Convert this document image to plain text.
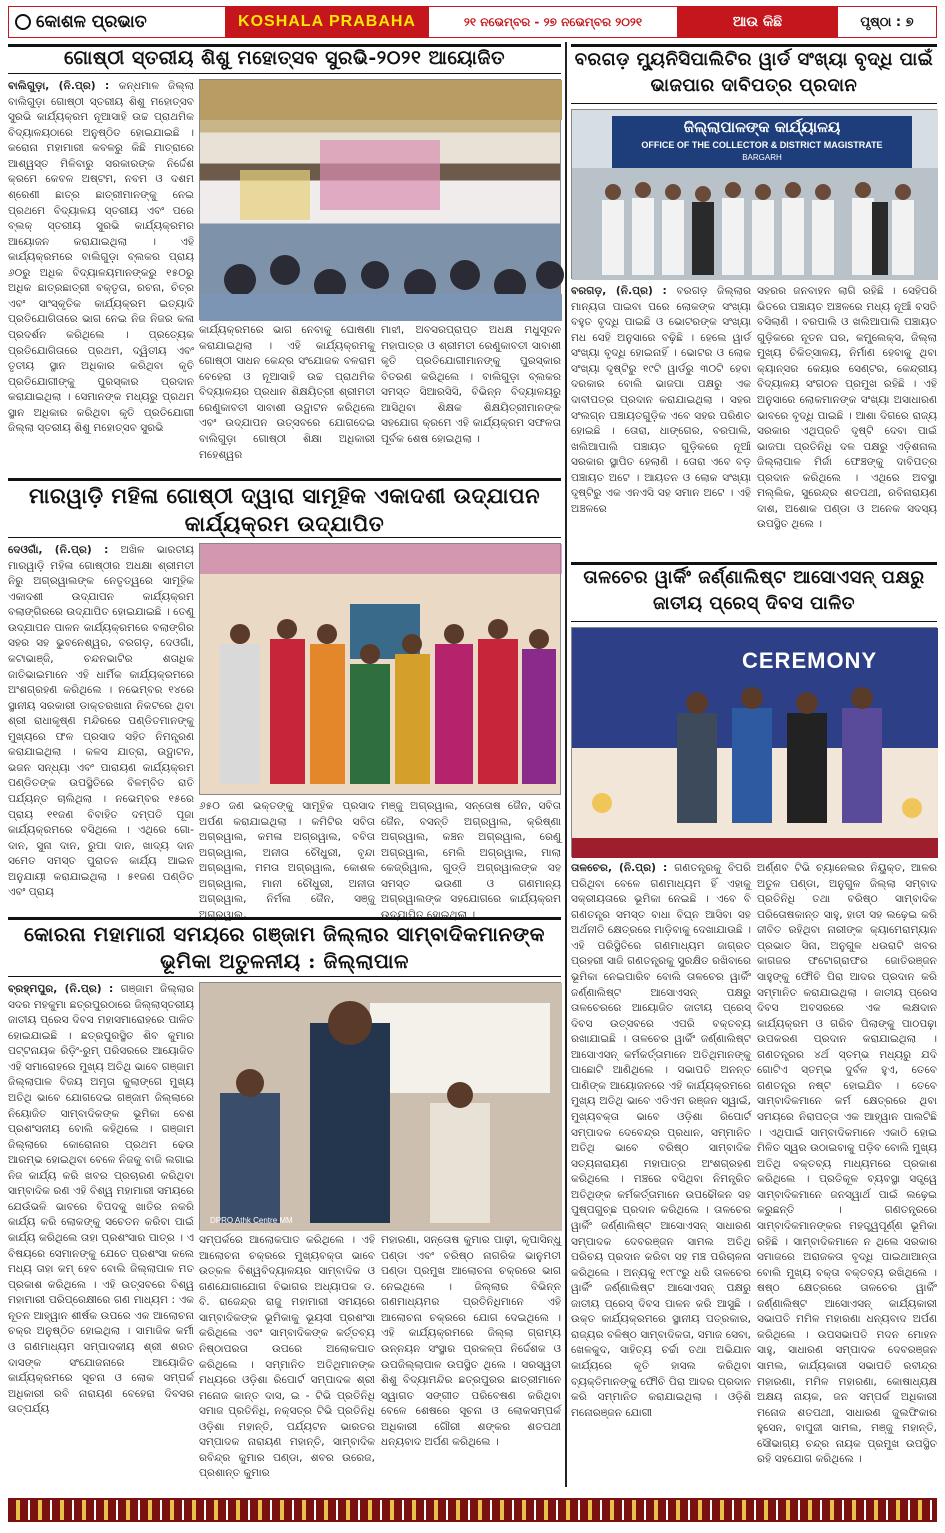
କୋଶଳ ପ୍ରଭାତ	KOSHALA PRABAHA	୨୧ ନଭେମ୍ବର - ୨୭ ନଭେମ୍ବର ୨୦୨୧	ଆଉ କିଛି	ପୃଷ୍ଠା : ୭
ଗୋଷ୍ଠୀ ସ୍ତରୀୟ ଶିଶୁ ମହୋତ୍ସବ ସୁରଭି-୨୦୨୧ ଆୟୋଜିତ
ବାଲିଗୁଡ଼ା, (ନି.ପ୍ର) : କନ୍ଧମାଳ ଜିଲ୍ଲା ବାଲିଗୁଡ଼ା ଗୋଷ୍ଠୀ ସ୍ତରୀୟ ଶିଶୁ ମହୋତ୍ସବ ସୁରଭି କାର୍ଯ୍ୟକ୍ରମ ନୂଆସାହି ଉଚ୍ଚ ପ୍ରାଥମିକ ବିଦ୍ୟାଳୟଠାରେ ଅନୁଷ୍ଠିତ ହୋଇଯାଇଛି । କରୋନା ମହାମାରୀ କବଳରୁ କିଛି ମାତ୍ରାରେ ଆଶ୍ୱସ୍ତ ମିଳିବାରୁ ସରକାରଙ୍କ ନିର୍ଦ୍ଦେଶ କ୍ରମେ କେବଳ ଅଷ୍ଟମ, ନବମ ଓ ଦଶମ ଶ୍ରେଣୀ ଛାତ୍ର ଛାତ୍ରୀମାନଙ୍କୁ ନେଇ ପ୍ରଥମେ ବିଦ୍ୟାଳୟ ସ୍ତରୀୟ ଏବଂ ପରେ ବ୍ଲକ୍ ସ୍ତରୀୟ ସୁରଭି କାର୍ଯ୍ୟକ୍ରମର ଆୟୋଜନ କରାଯାଇଥିଲା । ଏହି କାର୍ଯ୍ୟକ୍ରମରେ ବାଲିଗୁଡ଼ା ବ୍ଲକର ପ୍ରାୟ ୬୦ରୁ ଅଧିକ ବିଦ୍ୟାଳୟମାନଙ୍କରୁ ୧୫୦ରୁ ଅଧିକ ଛାତ୍ରଛାତ୍ରୀ ବକ୍ତୃତା, ରଚନା, ଚିତ୍ର ଏବଂ ସାଂସ୍କୃତିକ କାର୍ଯ୍ୟକ୍ରମ ଇତ୍ୟାଦି ପ୍ରତିଯୋଗିତାରେ ଭାଗ ନେଇ ନିଜ ନିଜର କଳା ପ୍ରଦର୍ଶନ କରିଥିଲେ । ପ୍ରତ୍ୟେକ ପ୍ରତିଯୋଗିତାରେ ପ୍ରଥମ, ଦ୍ୱିତୀୟ ଏବଂ ତୃତୀୟ ସ୍ଥାନ ଅଧିକାର କରିଥିବା କୃତି ପ୍ରତିଯୋଗୀଙ୍କୁ ପୁରସ୍କାର ପ୍ରଦାନ କରାଯାଇଥିଲା । ସେମାନଙ୍କ ମଧ୍ୟରୁ ପ୍ରଥମ ସ୍ଥାନ ଅଧିକାର କରିଥିବା କୃତି ପ୍ରତିଯୋଗୀ ଜିଲ୍ଲା ସ୍ତରୀୟ ଶିଶୁ ମହୋତ୍ସବ ସୁରଭି
କାର୍ଯ୍ୟକ୍ରମରେ ଭାଗ ନେବାକୁ ଘୋଷଣା କରାଯାଇଥିଲା । ଏହି କାର୍ଯ୍ୟକ୍ରମକୁ ଗୋଷ୍ଠୀ ସାଧନ କେନ୍ଦ୍ର ସଂଯୋଜକ ବଳରାମ ବେହେରା ଓ ନୂଆସାହି ଉଚ୍ଚ ପ୍ରାଥମିକ ବିଦ୍ୟାଳୟର ପ୍ରଧାନ ଶିକ୍ଷୟିତ୍ରୀ ଶ୍ରୀମତୀ ରେଣୁକାବତୀ ସାବାଶୀ ଉଦ୍ଘାଟନ କରିଥିଲେ ଏବଂ ଉଦ୍ଯାପନ ଉତ୍ସବରେ ଯୋଗଦେଇ ବାଲିଗୁଡ଼ା ଗୋଷ୍ଠୀ ଶିକ୍ଷା ଅଧିକାରୀ ମହେଶ୍ୱର
ମାଝୀ, ଅବସରପ୍ରାପ୍ତ ଅଧକ୍ଷ ମଧୁସୂଦନ ମହାପାତ୍ର ଓ ଶ୍ରୀମତୀ ରେଣୁକାବତୀ ସାବାଶୀ କୃତି ପ୍ରତିଯୋଗୀମାନଙ୍କୁ ପୁରସ୍କାର ବିତରଣ କରିଥିଲେ । ବାଲିଗୁଡ଼ା ବ୍ଲକର ସମସ୍ତ ସିଆରସିସି, ବିଭିନ୍ନ ବିଦ୍ୟାଳୟରୁ ଆସିଥିବା ଶିକ୍ଷକ ଶିକ୍ଷୟିତ୍ରୀମାନଙ୍କ ସହଯୋଗ କ୍ରମେ ଏହି କାର୍ଯ୍ୟକ୍ରମ ସଫଳତା ପୂର୍ବକ ଶେଷ ହୋଇଥିଲା ।
ମାରୱାଡ଼ି ମହିଳା ଗୋଷ୍ଠୀ ଦ୍ୱାରା ସାମୂହିକ ଏକାଦଶୀ ଉଦ୍‌ଯାପନ କାର୍ଯ୍ୟକ୍ରମ ଉଦ୍‌ଯାପିତ
ଦେଓଗାଁ, (ନି.ପ୍ର) : ଅଖିଳ ଭାରତୀୟ ମାରୱାଡ଼ି ମହିଳା ଗୋଷ୍ଠୀର ଅଧକ୍ଷା ଶ୍ରୀମତୀ ନିରୁ ଅଗ୍ରୱାଲଙ୍କ ନେତୃତ୍ୱରେ ସାମୂହିକ ଏକାଦଶୀ ଉଦ୍ଯାପନ କାର୍ଯ୍ୟକ୍ରମ ବଲାଙ୍ଗିରରେ ଉଦ୍ଯାପିତ ହୋଇଯାଇଛି । ତେଣୁ ଉଦ୍ଯାପନ ପାଳନ କାର୍ଯ୍ୟକ୍ରମରେ ବଲାଙ୍ଗିର ସହର ସହ ଭୁବନେଶ୍ୱର, ବରଗଡ଼, ଦେଓଗାଁ, କଟାଭାଞ୍ଜି, ଚନ୍ଦନଭାଟିର ଶତାଧିକ ଜାତିଭାଇମାନେ ଏହି ଧାର୍ମିକ କାର୍ଯ୍ୟକ୍ରମରେ ଅଂଶଗ୍ରହଣ କରିଥିଲେ । ନଭେମ୍ବର ୧୪ରେ ସ୍ଥାନୀୟ ସରକାରୀ ଡାକ୍ତରଖାନା ନିକଟରେ ଥିବା ଶ୍ରୀ ରାଧାକୃଷ୍ଣ ମନ୍ଦିରରେ ପଣ୍ଡିତମାନଙ୍କୁ ମୁଖ୍ୟରେ ଫଳ ପ୍ରସାଦ ସହିତ ନିମନ୍ତ୍ରଣ କରାଯାଇଥିଲା । କଳସ ଯାତ୍ରା, ଉଦ୍ଘାଟନ, ଭଜନ ସନ୍ଧ୍ୟା ଏବଂ ପାରାୟଣ କାର୍ଯ୍ୟକ୍ରମ ପଣ୍ଡିତଙ୍କ ଉପସ୍ଥିତିରେ ବିଳମ୍ବିତ ରାତି ପର୍ଯ୍ୟନ୍ତ ଚାଲିଥିଲା । ନଭେମ୍ବର ୧୫ରେ ପ୍ରାୟ ୧୧ଜଣ ବିବାହିତ ଦମ୍ପତି ପୂଜା କାର୍ଯ୍ୟକ୍ରମରେ ବସିଥିଲେ । ଏଥିରେ ଗୋ-ଦାନ, ସୁନା ଦାନ, ରୁପା ଦାନ, ଖାଦ୍ୟ ଦାନ ସମେତ ସମସ୍ତ ପୁରାତନ କାର୍ଯ୍ୟ ଆଇନ ଅନୁଯାୟୀ କରାଯାଇଥିଲା । ୫୧ଜଣ ପଣ୍ଡିତ ଏବଂ ପ୍ରାୟ
୬୫୦ ଜଣ ଭକ୍ତଙ୍କୁ ସାମୂହିକ ପ୍ରସାଦ ଅର୍ପଣ କରାଯାଇଥିଲା । କମିଟିର ସବିତା ଅଗ୍ରୱାଲ, କମଳା ଅଗ୍ରୱାଲ, ବବିତା ଅଗ୍ରୱାଲ, ଅନୀତା ଚୌଧୁରୀ, ବୃନ୍ଦା ଅଗ୍ରୱାଲ, ମମତା ଅଗ୍ରୱାଲ, କୋଶଳ ଅଗ୍ରୱାଲ, ମାନୀ ଚୌଧୁରୀ, ଅନୀତା ଅଗ୍ରୱାଲ, ନିର୍ମଳା ଜୈନ, ସଞ୍ଜୁ ଅଗ୍ରୱାଲ,
ମଞ୍ଜୁ ଅଗ୍ରୱାଲ, ସନ୍ତୋଷ ଜୈନ, ସବିତା ଜୈନ, ବସନ୍ତି ଅଗ୍ରୱାଲ, କ୍ରିଷ୍ଣା ଅଗ୍ରୱାଲ, କଞ୍ଚନ ଅଗ୍ରୱାଲ, ରେଣୁ ଅଗ୍ରୱାଲ, ମେଲି ଅଗ୍ରୱାଲ, ମାଲା କେଜ୍ରିୱାଲ, ଗୁଡ୍ଡି ଅଗ୍ରୱାଲଙ୍କ ସହ ସମସ୍ତ ଭଉଣୀ ଓ ଗଣମାନ୍ୟ ଅଗ୍ରୱାଲଙ୍କ ସହଯୋଗରେ କାର୍ଯ୍ୟକ୍ରମ ଉଦ୍ଯାପିତ ହୋଇଥିଲା ।
କୋରନା ମହାମାରୀ ସମୟରେ ଗଞ୍ଜାମ ଜିଲ୍ଲାର ସାମ୍ବାଦିକମାନଙ୍କ ଭୂମିକା ଅତୁଳନୀୟ : ଜିଲ୍ଲାପାଳ
ବ୍ରହ୍ମପୁର, (ନି.ପ୍ର) : ଗଞ୍ଜାମ ଜିଲ୍ଲାର ସଦର ମହକୁମା ଛତ୍ରପୁରଠାରେ ଜିଲ୍ଲାସ୍ତରୀୟ ଜାତୀୟ ପ୍ରେସ ଦିବସ ମହାସମାରୋହରେ ପାଳିତ ହୋଇଯାଇଛି । ଛତ୍ରପୁରସ୍ଥିତ ଶିବ କୁମାର ପଟ୍ଟନାୟକ ରିଡ଼ିଂ-ରୁମ୍ ପରିସରରେ ଆୟୋଜିତ ଏହି ସମାରୋହରେ ମୁଖ୍ୟ ଅତିଥି ଭାବେ ଗଞ୍ଜାମ ଜିଲ୍ଲାପାଳ ବିଜୟ ଅମୃତା କୁଲାଙ୍ଗେ ମୁଖ୍ୟ ଅତିଥି ଭାବେ ଯୋଗଦେଇ ଗଞ୍ଜାମ ଜିଲ୍ଲାରେ ନିୟୋଜିତ ସାମ୍ବାଦିକଙ୍କ ଭୂମିକା ବେଶ ପ୍ରଶଂସନୀୟ ବୋଲି କହିଥିଲେ । ଗଞ୍ଜାମ ଜିଲ୍ଲାରେ କୋରୋନାର ପ୍ରଥମ ଢେଉ ଆରମ୍ଭ ହୋଇଥିବା ବେଳେ ନିଜକୁ ବାଜି ଲଗାଇ ନିଜ କାର୍ଯ୍ୟ କରି ଖବର ପ୍ରଚାରଣ କରିଥିବା ସାମ୍ବାଦିକ ରଣ ଏହି ବିଶ୍ୱ ମହାମାରୀ ସମୟରେ ଯେଉଁଭଳି ଭାବରେ ବିପଦକୁ ଖାତିର ନକରି କାର୍ଯ୍ୟ କରି ଲୋକଙ୍କୁ ସଚେତନ କରିବା ପାଇଁ କାର୍ଯ୍ୟ କରିଥିଲେ ତାହା ପ୍ରଶଂସାର ପାତ୍ର । ଏ ବିଷୟରେ ସେମାନଙ୍କୁ ଯେତେ ପ୍ରଶଂସା କଲେ ମଧ୍ୟ ତାହା କମ୍ ହେବ ବୋଲି ଜିଲ୍ଲାପାଳ ମତ ପ୍ରକାଶ କରିଥିଲେ । ଏହି ଉତ୍ସବରେ ବିଶ୍ୱ ମହାମାରୀ ପରିପ୍ରେକ୍ଷୀରେ ଗଣ ମାଧ୍ୟମ : ଏକ ନୂତନ ଆହ୍ୱାନ ଶୀର୍ଷକ ଉପରେ ଏକ ଆଲୋଚନା ଚକ୍ର ଅନୁଷ୍ଠିତ ହୋଇଥିଲା । ସାମାଜିକ କର୍ମୀ ଓ ଗଣମାଧ୍ୟମ ସମ୍ପାଦକୀୟ ଶ୍ରୀ ଶରତ ଦାସଙ୍କ ସଂଯୋଜନାରେ ଆୟୋଜିତ କାର୍ଯ୍ୟକ୍ରମରେ ସୂଚନା ଓ ଲୋକ ସମ୍ପର୍କ ଅଧିକାରୀ ରବି ନାରାୟଣ ବେହେରା ଦିବସର ତାତ୍ପର୍ଯ୍ୟ
DPRO Athk Centre MM
ସମ୍ପର୍କରେ ଆଲୋକପାତ କରିଥିଲେ । ଏହି ଆଲୋଚନା ଚକ୍ରରେ ମୁଖ୍ୟବକ୍ତା ଭାବେ ଉତ୍କଳ ବିଶ୍ୱବିଦ୍ୟାଳୟର ସାମ୍ବାଦିକ ଓ ଗଣଯୋଗାଯୋଗ ବିଭାଗର ଅଧ୍ୟାପକ ଡ. ବି. ରାଜେନ୍ଦ୍ର ରାଜୁ ମହାମାରୀ ସମୟରେ ସାମ୍ବାଦିକଙ୍କ ଭୂମିକାକୁ ଭୂୟସୀ ପ୍ରଶଂସା କରିଥିଲେ ଏବଂ ସାମ୍ବାଦିକଙ୍କ କର୍ତ୍ତବ୍ୟ ନିଷ୍ଠାପରତା ଉପରେ ଅଲୋକପାତ କରିଥିଲେ । ସମ୍ମାନିତ ଅତିଥିମାନଙ୍କ ମଧ୍ୟରେ ଓଡ଼ିଶା ରିପୋର୍ଟ ସମ୍ପାଦକ ଶ୍ରୀ ମନୋଜ କାନ୍ତ ଦାସ, ଇ - ଟିଭି ପ୍ରତିନିଧି ସମାଜ ପ୍ରତିନିଧି, ନକ୍ସତ୍ର ଟିଭି ପ୍ରତିନିଧି ଓଡ଼ିଶା ମହାନ୍ତି, ପର୍ଯ୍ୟଟନ ଭାରତର ସମ୍ପାଦକ ନାରାୟଣ ମହାନ୍ତି, ସାମ୍ବାଦିକ ରବିନ୍ଦ୍ର କୁମାର ପଣ୍ଡା, ଶବର ଉରେଜ, ପ୍ରଶାନ୍ତ କୁମାର
ମହାରଣା, ସନ୍ତୋଷ କୁମାର ପାଢ଼ୀ, କୃପାସିନ୍ଧୁ ପଣ୍ଡା ଏବଂ ବରିଷ୍ଠ ନାଗରିକ ଭାନୁମତୀ ପଣ୍ଡା ପ୍ରମୁଖ ଆଲୋଚନା ଚକ୍ରରେ ଭାଗ ନେଇଥିଲେ । ଜିଲ୍ଲାର ବିଭିନ୍ନ ଗଣମାଧ୍ୟମର ପ୍ରତିନିଧିମାନେ ଏହି ଆଲୋଚନା ଚକ୍ରରେ ଯୋଗ ଦେଇଥିଲେ । ଏହି କାର୍ଯ୍ୟକ୍ରମରେ ଜିଲ୍ଲା ଗ୍ରାମ୍ୟ ଉନ୍ନୟନ ସଂସ୍ଥାର ପ୍ରକଳ୍ପ ନିର୍ଦ୍ଦେଶକ ଓ ଉପଜିଲ୍ଲାପାଳ ଉପସ୍ଥିତ ଥିଲେ । ସରସ୍ୱତୀ ଶିଶୁ ବିଦ୍ୟାମନ୍ଦିର ଛତ୍ରପୁରର ଛାତ୍ରୀମାନେ ସ୍ୱାଗତ ସଙ୍ଗୀତ ପରିବେଷଣ କରିଥିବା ବେଳେ ଶେଷରେ ସୂଚନା ଓ ଲୋକସମ୍ପର୍କ ଅଧିକାରୀ ଗୌରୀ ଶଙ୍କର ଶତପଥୀ ଧନ୍ୟବାଦ ଅର୍ପଣ କରିଥିଲେ ।
ବରଗଡ଼ ମ୍ୟୁନିସିପାଲିଟିର ୱାର୍ଡ ସଂଖ୍ୟା ବୃଦ୍ଧି ପାଇଁ ଭାଜପାର ଦାବିପତ୍ର ପ୍ରଦାନ
ଜିଲ୍ଲାପାଳଙ୍କ କାର୍ଯ୍ୟାଳୟ
OFFICE OF THE COLLECTOR & DISTRICT MAGISTRATE
BARGARH
ବରଗଡ଼, (ନି.ପ୍ର) : ବରଗଡ଼ ଜିଲ୍ଲାର ମାନ୍ୟତା ପାଇବା ପରେ ଲୋକଙ୍କ ସଂଖ୍ୟା ବହୁତ ବୃଦ୍ଧି ପାଇଛି ଓ ଭୋଟରଙ୍କ ସଂଖ୍ୟା ମଧ ସେହି ଅନୁସାରେ ବଢ଼ିଛି । ହେଲେ ୱାର୍ଡ ସଂଖ୍ୟା ବୃଦ୍ଧି ହୋଇନାହିଁ । ଭୋଟର ଓ ଲୋକ ସଂଖ୍ୟା ଦୃଷ୍ଟିରୁ ୧୯ଟି ୱାର୍ଡରୁ ୩୦ଟି ହେବା ଦରକାର ବୋଲି ଭାଜପା ପକ୍ଷରୁ ଏକ ଦାବୀପତ୍ର ପ୍ରଦାନ କରାଯାଇଥିଲା । ସହର ସଂଲଗ୍ନ ପଞ୍ଚାୟତଗୁଡ଼ିକ ଏବେ ସହର ପରିଣତ ହୋଇଛି । ତୋରା, ଧାଙ୍ଗେର, ବରପାଲି, ଖଲିଆପାଲି ପଞ୍ଚାୟତ ଗୁଡ଼ିକରେ ନୂଆଁ ସରକାର ସ୍ଥାପିତ ହେଲାଣି । ତୋରା ଏବେ ବଡ଼ ପଞ୍ଚାୟତ ଅଟେ । ଆୟତନ ଓ ଲୋକ ସଂଖ୍ୟା ଦୃଷ୍ଟିରୁ ଏକ ଏନଏସି ସହ ସମାନ ଅଟେ । ଏହି ଅଞ୍ଚଳରେ
ସହରର ଜନବାହନ ଲାଗି ରହିଛି । ସେହିପରି ଭିତରେ ପଞ୍ଚାୟତ ଅଞ୍ଚଳରେ ମଧ୍ୟ ନୂଆଁ ବସତି ବସିଲାଣି । ବରପାଲି ଓ ଖଲିଆପାଲି ପଞ୍ଚାୟତ ଗୁଡ଼ିକରେ ନୂତନ ଘର, କମ୍ପ୍ଲେକ୍ସ, ଜିଲ୍ଲା ମୁଖ୍ୟ ଚିକିତ୍ସାଳୟ, ନିର୍ମାଣ ହେବାକୁ ଥିବା କ୍ୟାନ୍ସର କେୟାର ସେଣ୍ଟର, କେନ୍ଦ୍ରୀୟ ବିଦ୍ୟାଳୟ ସଂଗଠନ ପ୍ରମୁଖ ରହିଛି । ଏହି ଅନୁସାରେ ଲୋକମାନଙ୍କ ସଂଖ୍ୟା ଅସାଧାରଣ ଭାବରେ ବୃଦ୍ଧି ପାଇଛି । ଆଶା ଦିଗରେ ରାଜ୍ୟ ସରକାର ଏଥିପ୍ରତି ଦୃଷ୍ଟି ଦେବା ପାଇଁ ଭାଜପା ପ୍ରତିନିଧି ଦଳ ପକ୍ଷରୁ ଏଡ଼ିଶନାଲ ଜିଲ୍ଲାପାଳ ମିର୍ଜା ଫେଞ୍ଚଙ୍କୁ ଦାବିପତ୍ର ପ୍ରଦାନ କରିଥିଲେ । ଏଥିରେ ଅବସ୍ଥା ମଲ୍ଲିକ, ସୁରେନ୍ଦ୍ର ଶତପଥୀ, ରବିନାରାୟଣ ଦାଶ, ଅଶୋକ ପଣ୍ଡା ଓ ଅନେକ ସଦସ୍ୟ ଉପସ୍ଥିତ ଥିଲେ ।
ତାଳଚେର ୱାର୍କିଂ ଜର୍ଣ୍ଣାଲିଷ୍ଟ ଆସୋଏସନ୍ ପକ୍ଷରୁ ଜାତୀୟ ପ୍ରେସ୍ ଦିବସ ପାଳିତ
CEREMONY
ତାଳଚେର, (ନି.ପ୍ର) : ଗଣତନ୍ତ୍ରକୁ ବିପରି ପରିଥିବା ବେଳେ ଗଣମାଧ୍ୟମ ହିଁ ଏହାକୁ ସକ୍ରୀୟତାରେ ଭୂମିକା ନେଇଛି । ଏବେ ବି ଗଣତନ୍ତ୍ର ସମସ୍ତ ବାଧା ବିଘ୍ନ ଆସିବା ସହ ଅର୍ଥନୀତି କ୍ଷେତ୍ରରେ ମାଡ଼ିବାକୁ ଦେଖାଯାଉଛି । ଏହି ପରିସ୍ଥିତିରେ ଗଣମାଧ୍ୟମ ଜାଗ୍ରତ ପ୍ରହରୀ ସାଜି ଗଣତନ୍ତ୍ରକୁ ସୁରକ୍ଷିତ ରଖିବାରେ ଭୂମିକା ନେଇପାରିବ ବୋଲି ତାଳଚେର ୱାର୍କିଂ ଜର୍ଣ୍ଣାଲିଷ୍ଟ ଆସୋଏସନ୍ ପକ୍ଷରୁ ତାଳଚେରରେ ଆୟୋଜିତ ଜାତୀୟ ପ୍ରେସ୍ ଦିବସ ଉତ୍ସବରେ ଏପରି ବକ୍ତବ୍ୟ ରଖାଯାଇଛି । ତାଳଚେର ୱାର୍କିଂ ଜର୍ଣ୍ଣାଲିଷ୍ଟ ଆସୋଏସନ୍ କର୍ମକର୍ତ୍ତାମାନେ ଅତିଥିମାନଙ୍କୁ ପାଛୋଟି ଆଣିଥିଲେ । ସଭାପତି ଅନନ୍ତ ପାଣିଙ୍କ ଆୟୋଜନରେ ଏହି କାର୍ଯ୍ୟକ୍ରମରେ ମୁଖ୍ୟ ଅତିଥି ଭାବେ ଏଡିଏମ ରଞ୍ଜନ ସ୍ୱାଇଁ, ମୁଖ୍ୟବକ୍ତା ଭାବେ ଓଡ଼ିଶା ରିପୋର୍ଟ ସମ୍ପାଦକ ଦେବେନ୍ଦ୍ର ପ୍ରଧାନ, ସମ୍ମାନିତ ଅତିଥି ଭାବେ ବରିଷ୍ଠ ସାମ୍ବାଦିକ ସତ୍ୟନାରାୟଣ ମହାପାତ୍ର ଅଂଶଗ୍ରହଣ କରିଥିଲେ । ମଞ୍ଚରେ ବସିଥିବା ନିମନ୍ତ୍ରିତ ଅତିଥିଙ୍କ କର୍ମକର୍ତ୍ତାମାନେ ଉପଢୌକନ ସହ ପୁଷ୍ପଗୁଚ୍ଛ ପ୍ରଦାନ କରିଥିଲେ । ତାଳଚେର ୱାର୍କିଂ ଜର୍ଣ୍ଣାଲିଷ୍ଟ ଆସୋଏସନ୍ ସାଧାରଣ ସମ୍ପାଦକ ଦେବରଞ୍ଜନ ସାମଲ ଅତିଥି ପରିଚୟ ପ୍ରଦାନ କରିବା ସହ ମଞ୍ଚ ପରିଚାଳନା କରିଥିଲେ । ଅନ୍ୟକୁ ୧୯୮୯ରୁ ଧରି ତାଳଚେର ୱାର୍କିଂ ଜର୍ଣ୍ଣାଲିଷ୍ଟ ଆସୋଏସନ୍ ପକ୍ଷରୁ ଜାତୀୟ ପ୍ରେସ୍ ଦିବସ ପାଳନ କରି ଆସୁଛି । ଉକ୍ତ କାର୍ଯ୍ୟକ୍ରମରେ ସ୍ଥାନୀୟ ପତ୍ରକାର, ରାଜ୍ୟର ବଳିଷ୍ଠ ସାମ୍ବାଦିକତା, ସମାଜ ସେବା, ଖେଳକୁଦ, ସାହିତ୍ୟ ଚର୍ଚ୍ଚା ତଥା ଅଭିଯାନ କାର୍ଯ୍ୟରେ କୃତି ହାସଲ କରିଥିବା ବ୍ୟକ୍ତିମାନଙ୍କୁ ଫୌଚି ପିରା ଆଦର ପ୍ରଦାନ କରି ସମ୍ମାନିତ କରାଯାଇଥିଲା । ଓଡ଼ିଶି ମନୋରଞ୍ଜନ ଯୋଗୀ
ଅର୍ଣ୍ଣବ ଟିଭି ଚ୍ୟାନେଲର ନିୟୁକ୍ତ, ଆଳର ଅତୁଳ ପଣ୍ଡା, ଅନୁଗୁଳ ଜିଲ୍ଲା ସମ୍ବାଦ ପ୍ରତିନିଧି ତଥା ବରିଷ୍ଠ ସାମ୍ବାଦିକ ପରିତୋଷକାନ୍ତ ସାହୁ, ହାତୀ ସହ ଲଢ଼େଇ କରି ଜୀବିତ ରହିଥିବା ନାରୀଙ୍କ କ୍ୟାମେରାମ୍ୟାନ ପ୍ରଭାତ ସିନା, ଅନୁଗୁଳ ଧଉରାଟି ଖବର କାଗଜର ଫଟୋଗ୍ରାଫର ଜୋତିରଞ୍ଜନ ସାହୁଙ୍କୁ ଫୌଚି ପିରା ଆଦର ପ୍ରଦାନ କରି ସମ୍ମାନିତ କରାଯାଇଥିଲା । ଜାତୀୟ ପ୍ରେସ ଦିବସ ଅବସରରେ ଏକ ଲକ୍ଷଦାନ କାର୍ଯ୍ୟକ୍ରମ ଓ ଗରିବ ପିଲାଙ୍କୁ ପାଠପଢ଼ା ଉପକରଣ ପ୍ରଦାନ କରାଯାଇଥିଲା । ଗଣତନ୍ତ୍ରର ୪ର୍ଥ ସ୍ତମ୍ଭ ମଧ୍ୟରୁ ଯଦି ଗୋଟିଏ ସ୍ତମ୍ଭ ଦୁର୍ବଳ ହୁଏ, ତେବେ ଗଣତନ୍ତ୍ର ନଷ୍ଟ ହୋଇଯିବ । ତେବେ ସାମ୍ବାଦିକମାନେ କର୍ମ କ୍ଷେତ୍ରରେ ଥିବା ସମୟରେ ନିରାପତ୍ତା ଏକ ଆହ୍ୱାନ ପାଲଟିଛି । ଏଥିପାଇଁ ସାମ୍ବାଦିକମାନେ ଏକାଠି ହୋଇ ମିଳିତ ସ୍ୱର ଉଠାଇବାକୁ ପଡ଼ିବ ବୋଲି ମୁଖ୍ୟ ଅତିଥି ବକ୍ତବ୍ୟ ମାଧ୍ୟମରେ ପ୍ରକାଶ କରିଥିଲେ । ପ୍ରତିକୂଳ ବ୍ୟବସ୍ଥା ସତ୍ତ୍ୱେ ସାମ୍ବାଦିକମାନେ ଜନସ୍ୱାର୍ଥ ପାଇଁ ଲଢ଼େଇ କରୁଛନ୍ତି । ଗଣତନ୍ତ୍ରରେ ସାମ୍ବାଦିକମାନଙ୍କର ମହତ୍ତ୍ୱପୂର୍ଣ୍ଣ ଭୂମିକା ରହିଛି । ସାମ୍ବାଦିକମାନେ ନ ଥିଲେ ସରକାର ସମାଜରେ ଅରାଜକତା ବୃଦ୍ଧି ପାଇଥାଆନ୍ତା ବୋଲି ମୁଖ୍ୟ ବକ୍ତା ବକ୍ତବ୍ୟ ରଖିଥିଲେ । ଷଷ୍ଠ କ୍ଷେତ୍ରରେ ତାଳଚେର ୱାର୍କିଂ ଜର୍ଣ୍ଣାଲିଷ୍ଟ ଆସୋଏସନ୍ କାର୍ଯ୍ୟକାରୀ ସଭାପତି ମମିଳ ମହାରଣା ଧନ୍ୟବାଦ ଅର୍ପଣ କରିଥିଲେ । ଉପସଭାପତି ମଦନ ମୋହନ ସାହୁ, ସାଧାରଣ ସମ୍ପାଦକ ଦେବରଞ୍ଜନ ସାମଲ, କାର୍ଯ୍ୟକାରୀ ସଭାପତି ରବୀନ୍ଦ୍ର ମହାରଣା, ମମିଳ ମହାରଣା, କୋଷାଧ୍ୟକ୍ଷ ଅକ୍ଷୟ ନାୟକ, ଜନ ସମ୍ପର୍କ ଅଧିକାରୀ ମନୋଜ ଶତପଥୀ, ସାଧାରଣ ଜୁଲଫିକାର ହୁସେନ, ବାପୁଜୀ ସାମଲ, ମଞ୍ଜୁ ମହାନ୍ତି, ସୌଭାଗ୍ୟ ଚନ୍ଦ୍ର ନାୟକ ପ୍ରମୁଖ ଉପସ୍ଥିତ ରହି ସହଯୋଗ କରିଥିଲେ ।
